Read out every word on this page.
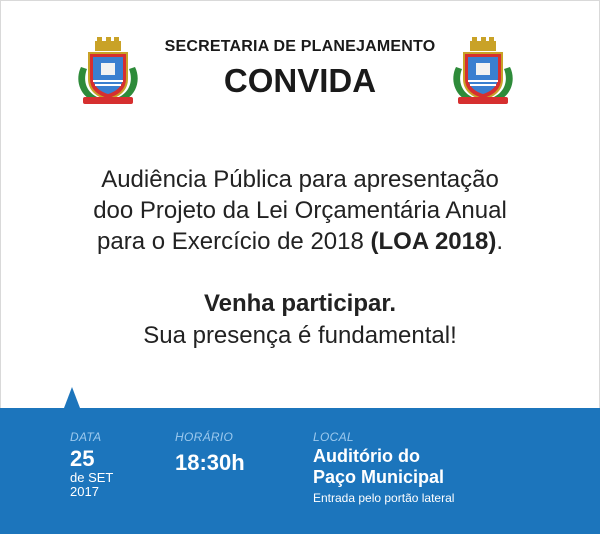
SECRETARIA DE PLANEJAMENTO
CONVIDA
Audiência Pública para apresentação
doo Projeto da Lei Orçamentária Anual
para o Exercício de 2018 (LOA 2018).
Venha participar.
Sua presença é fundamental!
DATA
25
de SET
2017
HORÁRIO
18:30h
LOCAL
Auditório do
Paço Municipal
Entrada pelo portão lateral
